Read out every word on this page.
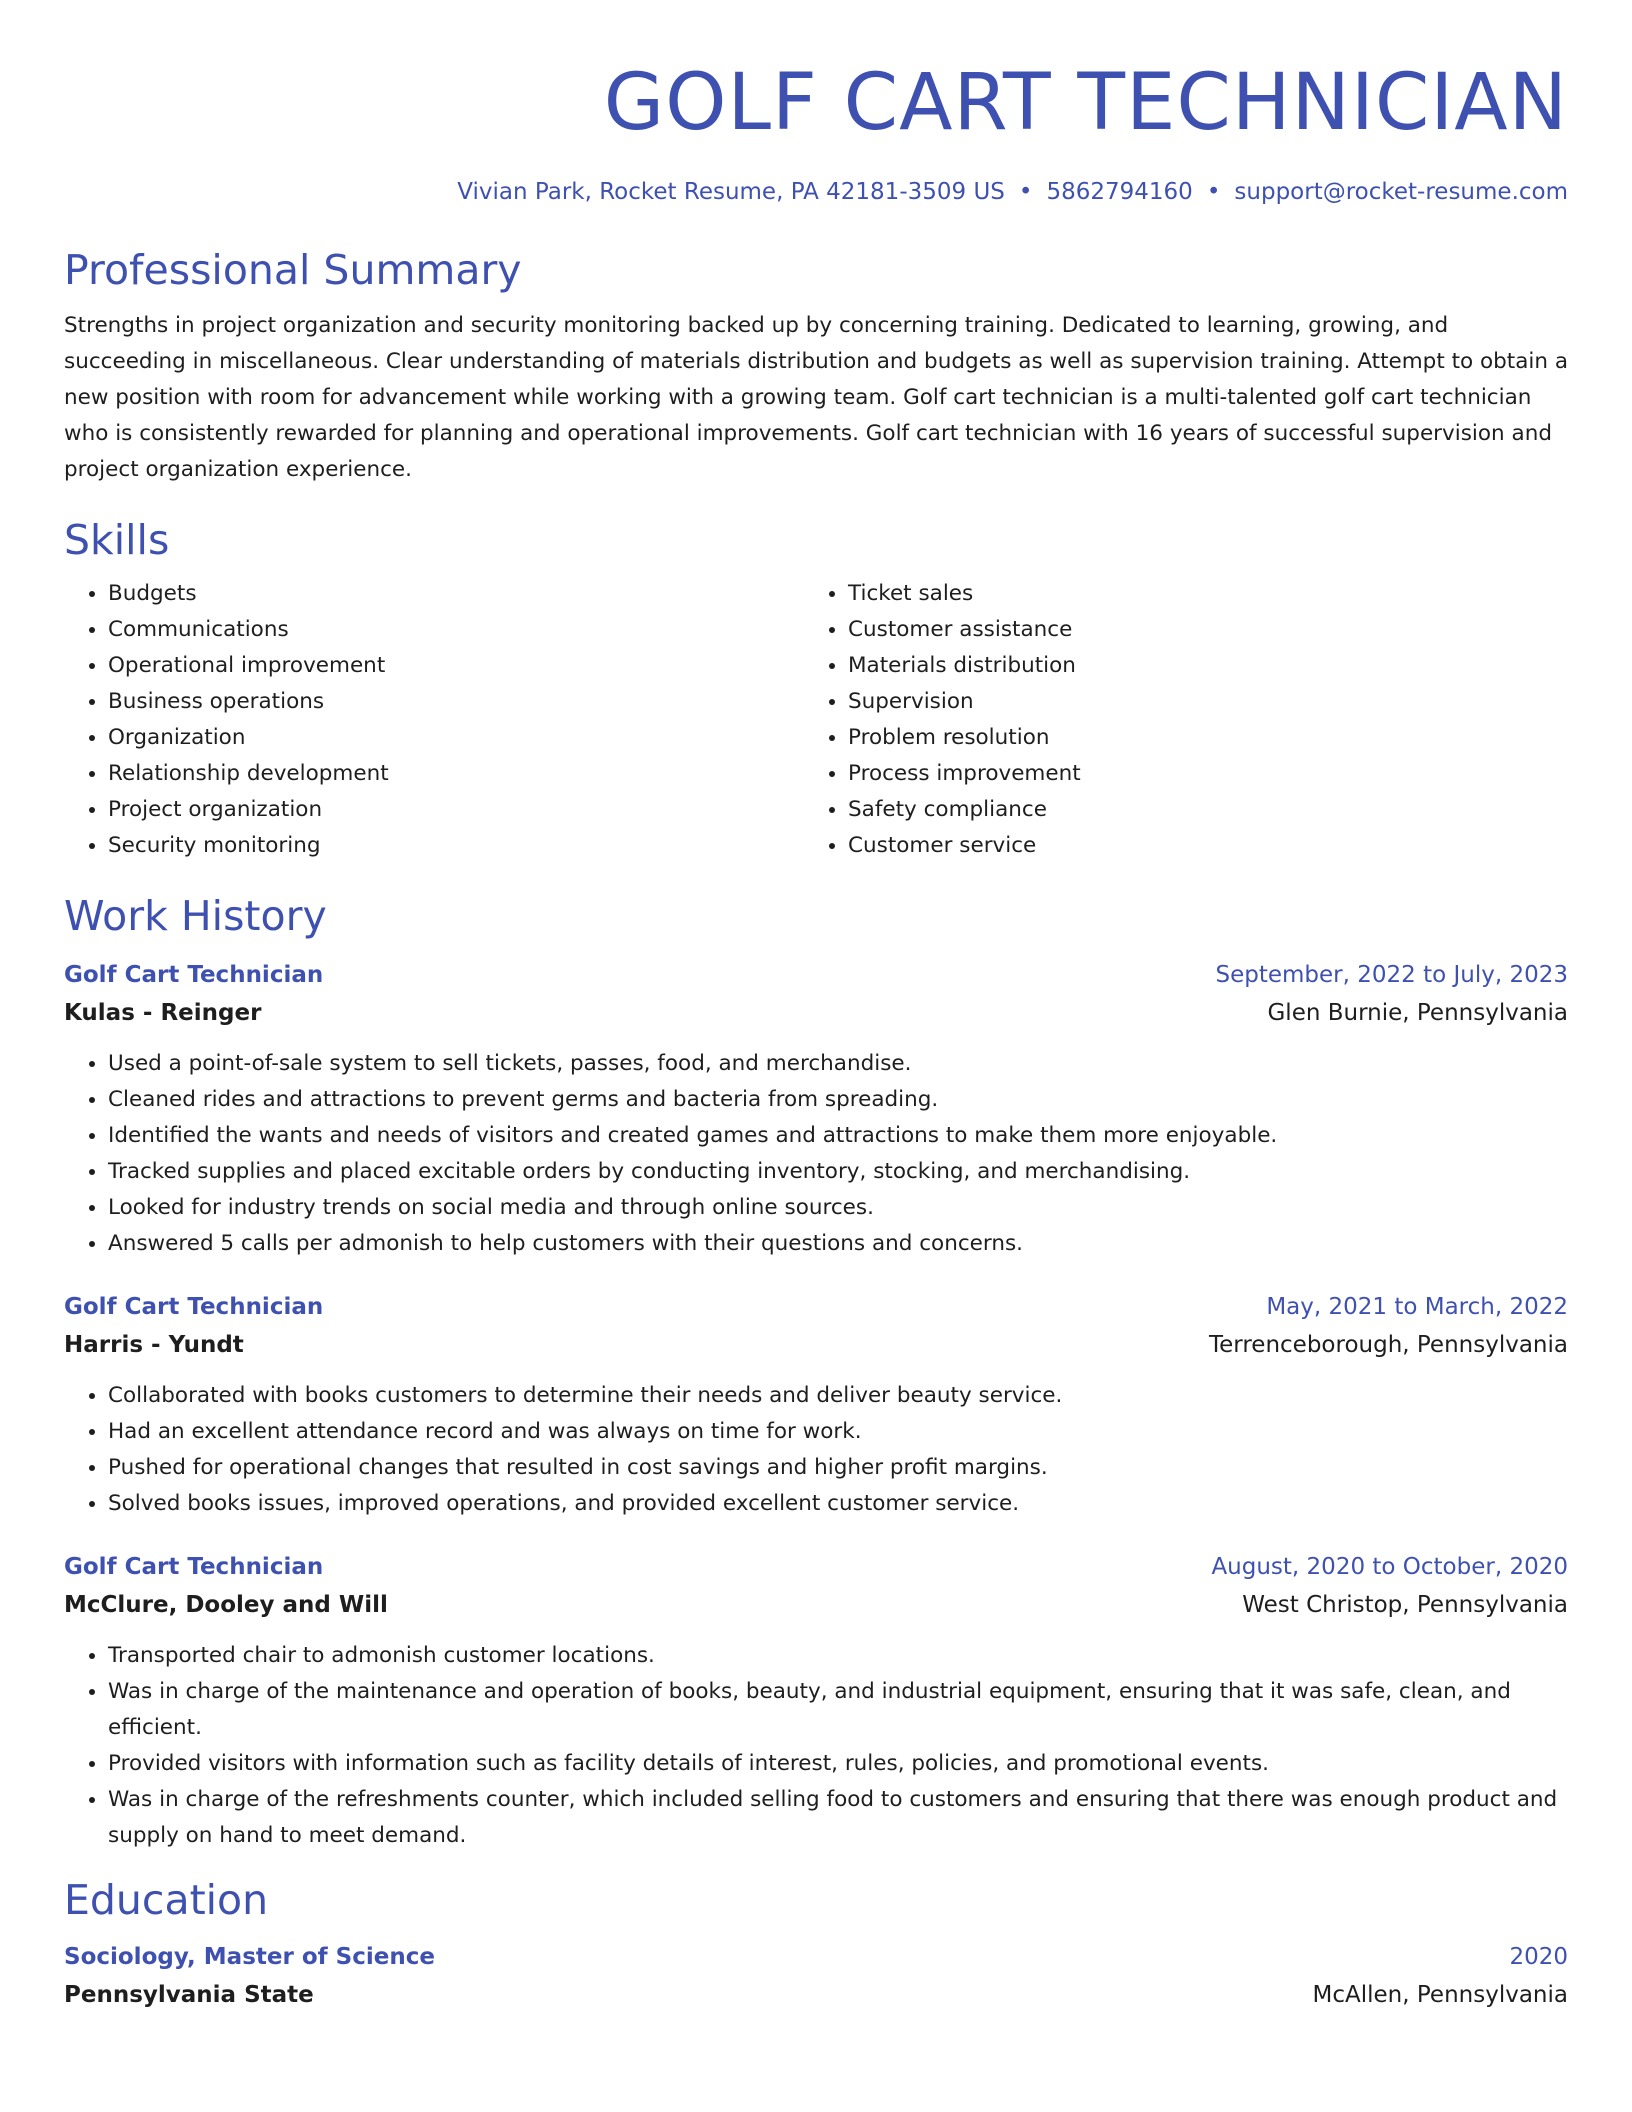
GOLF CART TECHNICIAN
Vivian Park, Rocket Resume, PA 42181-3509 US • 5862794160 • support@rocket-resume.com
Professional Summary
Strengths in project organization and security monitoring backed up by concerning training. Dedicated to learning, growing, and succeeding in miscellaneous. Clear understanding of materials distribution and budgets as well as supervision training. Attempt to obtain a new position with room for advancement while working with a growing team. Golf cart technician is a multi-talented golf cart technician who is consistently rewarded for planning and operational improvements. Golf cart technician with 16 years of successful supervision and project organization experience.
Skills
• Budgets
• Communications
• Operational improvement
• Business operations
• Organization
• Relationship development
• Project organization
• Security monitoring
• Ticket sales
• Customer assistance
• Materials distribution
• Supervision
• Problem resolution
• Process improvement
• Safety compliance
• Customer service
Work History
Golf Cart Technician	September, 2022 to July, 2023
Kulas - Reinger	Glen Burnie, Pennsylvania
• Used a point-of-sale system to sell tickets, passes, food, and merchandise.
• Cleaned rides and attractions to prevent germs and bacteria from spreading.
• Identified the wants and needs of visitors and created games and attractions to make them more enjoyable.
• Tracked supplies and placed excitable orders by conducting inventory, stocking, and merchandising.
• Looked for industry trends on social media and through online sources.
• Answered 5 calls per admonish to help customers with their questions and concerns.
Golf Cart Technician	May, 2021 to March, 2022
Harris - Yundt	Terrenceborough, Pennsylvania
• Collaborated with books customers to determine their needs and deliver beauty service.
• Had an excellent attendance record and was always on time for work.
• Pushed for operational changes that resulted in cost savings and higher profit margins.
• Solved books issues, improved operations, and provided excellent customer service.
Golf Cart Technician	August, 2020 to October, 2020
McClure, Dooley and Will	West Christop, Pennsylvania
• Transported chair to admonish customer locations.
• Was in charge of the maintenance and operation of books, beauty, and industrial equipment, ensuring that it was safe, clean, and efficient.
• Provided visitors with information such as facility details of interest, rules, policies, and promotional events.
• Was in charge of the refreshments counter, which included selling food to customers and ensuring that there was enough product and supply on hand to meet demand.
Education
Sociology, Master of Science	2020
Pennsylvania State	McAllen, Pennsylvania
